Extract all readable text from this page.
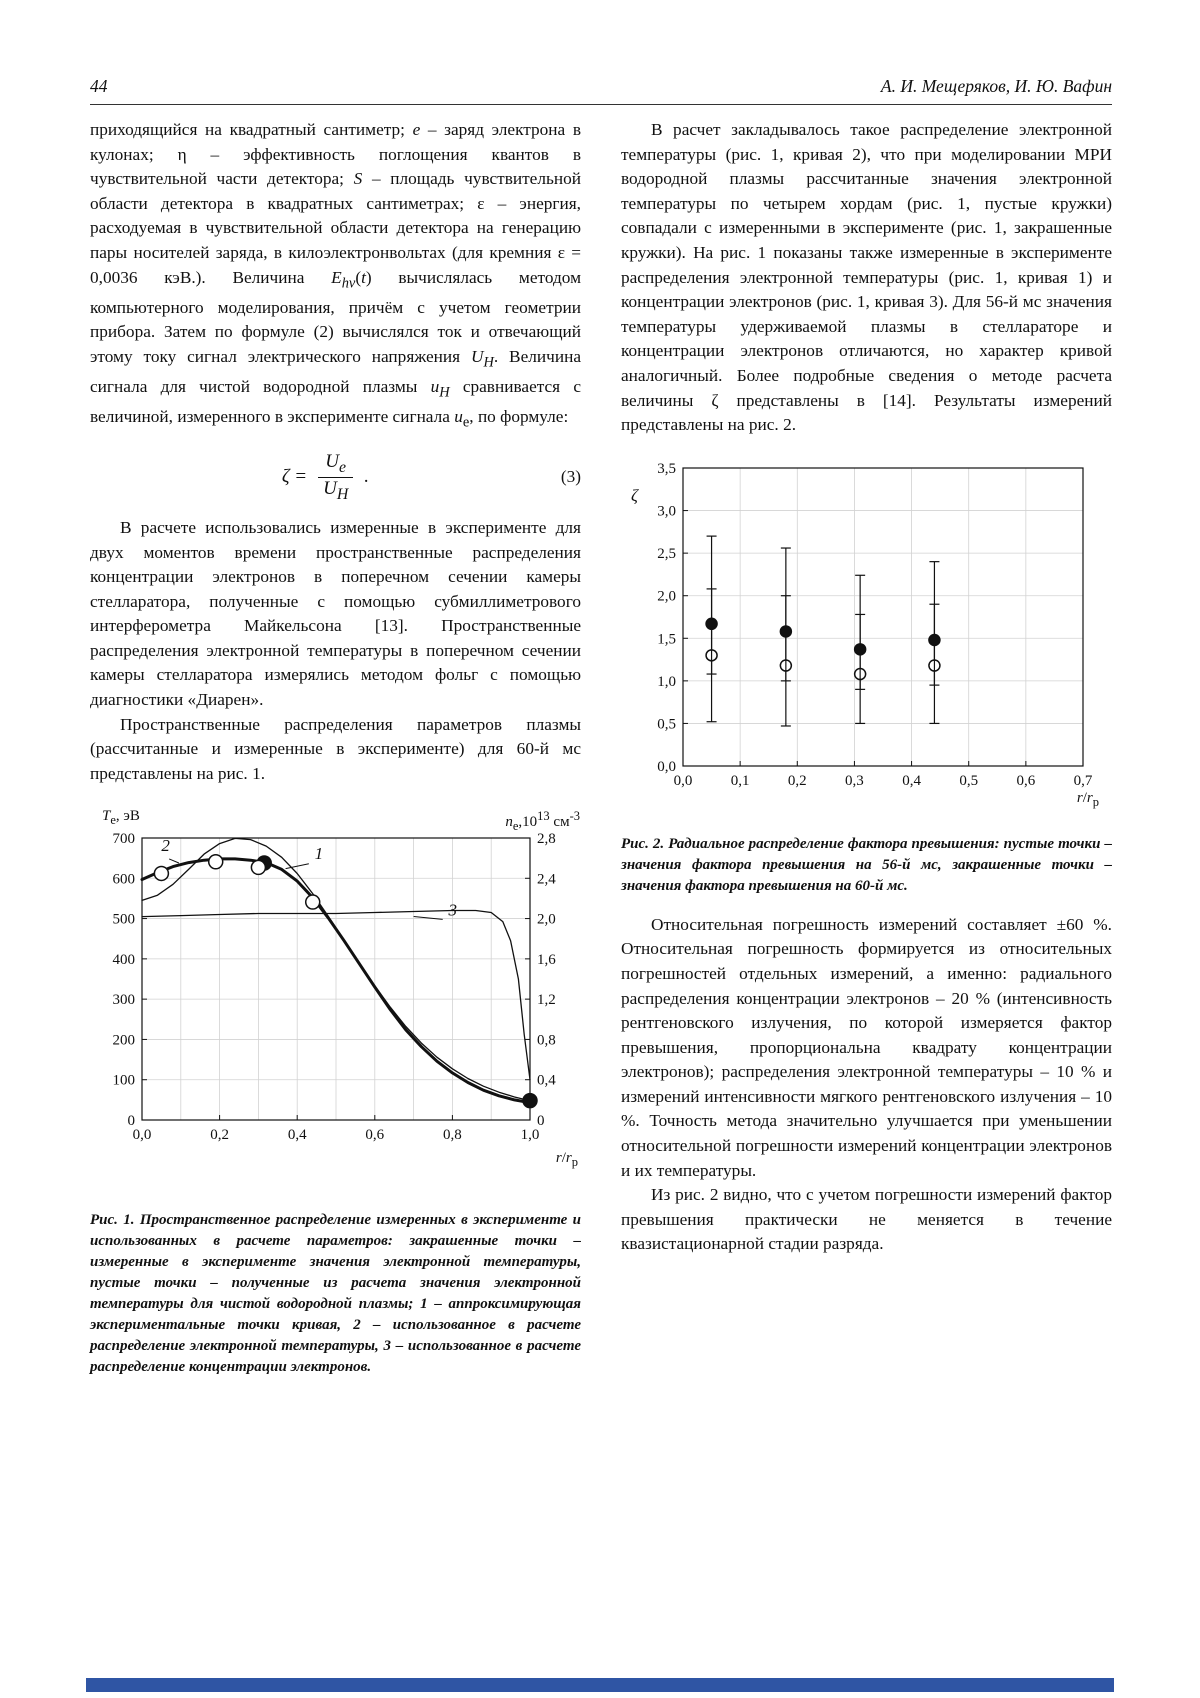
44	А. И. Мещеряков, И. Ю. Вафин

приходящийся на квадратный сантиметр; e – заряд электрона в кулонах; η – эффективность поглощения квантов в чувствительной части детектора; S – площадь чувствительной области детектора в квадратных сантиметрах; ε – энергия, расходуемая в чувствительной области детектора на генерацию пары носителей заряда, в килоэлектронвольтах (для кремния ε = 0,0036 кэВ.). Величина $E_{h\nu}(t)$ вычислялась методом компьютерного моделирования, причём с учетом геометрии прибора. Затем по формуле (2) вычислялся ток и отвечающий этому току сигнал электрического напряжения $U_H$. Величина сигнала для чистой водородной плазмы $u_H$ сравнивается с величиной, измеренного в эксперименте сигнала $u_e$, по формуле:

$\zeta = \frac{U_e}{U_H}$ .	(3)

В расчете использовались измеренные в эксперименте для двух моментов времени пространственные распределения концентрации электронов в поперечном сечении камеры стелларатора, полученные с помощью субмиллиметрового интерферометра Майкельсона [13]. Пространственные распределения электронной температуры в поперечном сечении камеры стелларатора измерялись методом фольг с помощью диагностики «Диарен».

Пространственные распределения параметров плазмы (рассчитанные и измеренные в эксперименте) для 60-й мс представлены на рис. 1.

$T_e$, эВ	$n_e,10^{13}$ $см^{-3}$
0,0	0,2	0,4	0,6	0,8	1,0
0
100
200
300
400
500
600
700
0
0,4
0,8
1,2
1,6
2,0
2,4
2,8
1
2
3
$r/r_p$
Рис. 1. Пространственное распределение измеренных в эксперименте и использованных в расчете параметров: закрашенные точки – измеренные в эксперименте значения электронной температуры, пустые точки – полученные из расчета значения электронной температуры для чистой водородной плазмы; 1 – аппроксимирующая экспериментальные точки кривая, 2 – использованное в расчете распределение электронной температуры, 3 – использованное в расчете распределение концентрации электронов.

В расчет закладывалось такое распределение электронной температуры (рис. 1, кривая 2), что при моделировании МРИ водородной плазмы рассчитанные значения электронной температуры по четырем хордам (рис. 1, пустые кружки) совпадали с измеренными в эксперименте (рис. 1, закрашенные кружки). На рис. 1 показаны также измеренные в эксперименте распределения электронной температуры (рис. 1, кривая 1) и концентрации электронов (рис. 1, кривая 3). Для 56-й мс значения температуры удерживаемой плазмы в стеллараторе и концентрации электронов отличаются, но характер кривой аналогичный. Более подробные сведения о методе расчета величины ζ представлены в [14]. Результаты измерений представлены на рис. 2.

ζ
0,0	0,1	0,2	0,3	0,4	0,5	0,6	0,7
0,0
0,5
1,0
1,5
2,0
2,5
3,0
3,5
$r/r_p$
Рис. 2. Радиальное распределение фактора превышения: пустые точки – значения фактора превышения на 56-й мс, закрашенные точки – значения фактора превышения на 60-й мс.

Относительная погрешность измерений составляет ±60 %. Относительная погрешность формируется из относительных погрешностей отдельных измерений, а именно: радиального распределения концентрации электронов – 20 % (интенсивность рентгеновского излучения, по которой измеряется фактор превышения, пропорциональна квадрату концентрации электронов); распределения электронной температуры – 10 % и измерений интенсивности мягкого рентгеновского излучения – 10 %. Точность метода значительно улучшается при уменьшении относительной погрешности измерений концентрации электронов и их температуры.

Из рис. 2 видно, что с учетом погрешности измерений фактор превышения практически не меняется в течение квазистационарной стадии разряда.
